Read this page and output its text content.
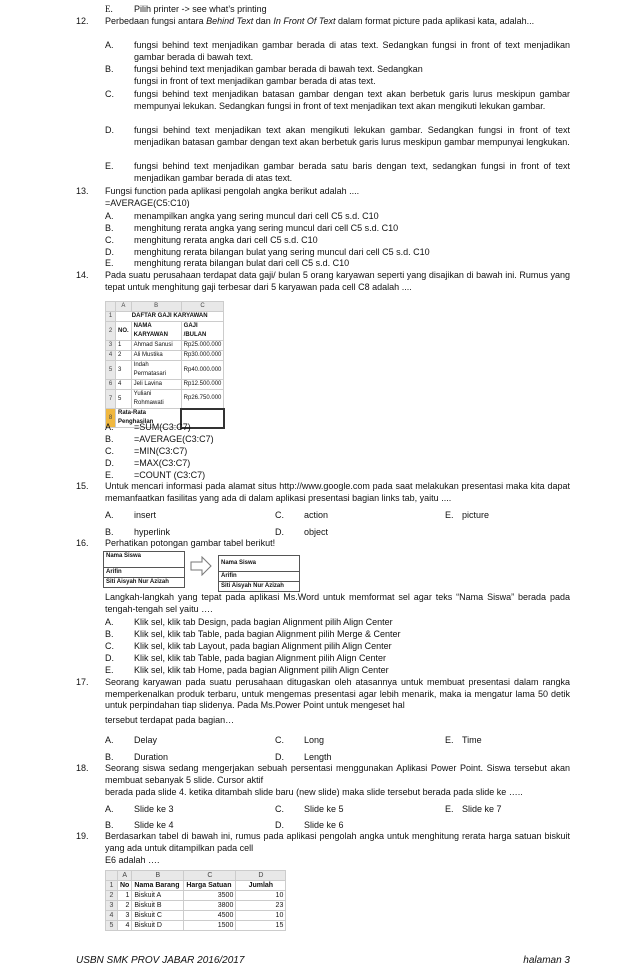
E. Pilih printer -> see what’s printing
12. Perbedaan fungsi antara Behind Text dan In Front Of Text dalam format picture pada aplikasi kata, adalah...
A. fungsi behind text menjadikan gambar berada di atas text. Sedangkan fungsi in front of text menjadikan gambar berada di bawah text.
B. fungsi behind text menjadikan gambar berada di bawah text. Sedangkan
fungsi in front of text menjadikan gambar berada di atas text.
C. fungsi behind text menjadikan batasan gambar dengan text akan berbetuk garis lurus meskipun gambar mempunyai lekukan. Sedangkan fungsi in front of text menjadikan text akan mengikuti lekukan gambar.
D. fungsi behind text menjadikan text akan mengikuti lekukan gambar. Sedangkan fungsi in front of text menjadikan batasan gambar dengan text akan berbetuk garis lurus meskipun gambar mempunyai lengkukan.
E. fungsi behind text menjadikan gambar berada satu baris dengan text, sedangkan fungsi in front of text menjadikan gambar berada di atas text.
13. Fungsi function pada aplikasi pengolah angka berikut adalah ....
=AVERAGE(C5:C10)
A. menampilkan angka yang sering muncul dari cell C5 s.d. C10
B. menghitung rerata angka yang sering muncul dari cell C5 s.d. C10
C. menghitung rerata angka dari cell C5 s.d. C10
D. menghitung rerata bilangan bulat yang sering muncul dari cell C5 s.d. C10
E. menghitung rerata bilangan bulat dari cell C5 s.d. C10
14. Pada suatu perusahaan terdapat data gaji/ bulan 5 orang karyawan seperti yang disajikan di bawah ini. Rumus yang tepat untuk menghitung gaji terbesar dari 5 karyawan pada cell C8 adalah ....
	A	B	C
1	DAFTAR GAJI KARYAWAN		
2	NO.	NAMA KARYAWAN	GAJI /BULAN
3	1	Ahmad Sanusi	Rp25.000.000
4	2	Ali Mustika	Rp30.000.000
5	3	Indah Permatasari	Rp40.000.000
6	4	Jeli Lavina	Rp12.500.000
7	5	Yuliani Rohmawati	Rp26.750.000
8	Rata-Rata Penghasilan		
A. =SUM(C3:C7)
B. =AVERAGE(C3:C7)
C. =MIN(C3:C7)
D. =MAX(C3:C7)
E. =COUNT (C3:C7)
15. Untuk mencari informasi pada alamat situs http://www.google.com pada saat melakukan presentasi maka kita dapat memanfaatkan fasilitas yang ada di dalam aplikasi presentasi bagian links tab, yaitu ....
A. insert	C. action	E. picture
B. hyperlink	D. object
16. Perhatikan potongan gambar tabel berikut!
Nama Siswa
Arifin
Siti Aisyah Nur Azizah
Nama Siswa
Arifin
Siti Aisyah Nur Azizah
Langkah-langkah yang tepat pada aplikasi Ms.Word untuk memformat sel agar teks “Nama Siswa” berada pada tengah-tengah sel yaitu ….
A. Klik sel, klik tab Design, pada bagian Alignment pilih Align Center
B. Klik sel, klik tab Table, pada bagian Alignment pilih Merge & Center
C. Klik sel, klik tab Layout, pada bagian Alignment pilih Align Center
D. Klik sel, klik tab Table, pada bagian Alignment pilih Align Center
E. Klik sel, klik tab Home, pada bagian Alignment pilih Align Center
17. Seorang karyawan pada suatu perusahaan ditugaskan oleh atasannya untuk membuat presentasi dalam rangka memperkenalkan produk terbaru, untuk mengemas presentasi agar lebih menarik, maka ia mengatur lama 50 detik untuk perpindahan tiap slidenya. Pada Ms.Power Point untuk mengeset hal
tersebut terdapat pada bagian…
A. Delay	C. Long	E. Time
B. Duration	D. Length
18. Seorang siswa sedang mengerjakan sebuah persentasi menggunakan Aplikasi Power Point. Siswa tersebut akan membuat sebanyak 5 slide. Cursor aktif
berada pada slide 4. ketika ditambah slide baru (new slide) maka slide tersebut berada pada slide ke …..
A. Slide ke 3	C. Slide ke 5	E. Slide ke 7
B. Slide ke 4	D. Slide ke 6
19. Berdasarkan tabel di bawah ini, rumus pada aplikasi pengolah angka untuk menghitung rerata harga satuan biskuit yang ada untuk ditampilkan pada cell
E6 adalah ….
	A	B	C	D
1	No	Nama Barang	Harga Satuan	Jumlah
2	1	Biskuit A	3500	10
3	2	Biskuit B	3800	23
4	3	Biskuit C	4500	10
5	4	Biskuit D	1500	15
USBN SMK PROV JABAR 2016/2017	halaman 3
